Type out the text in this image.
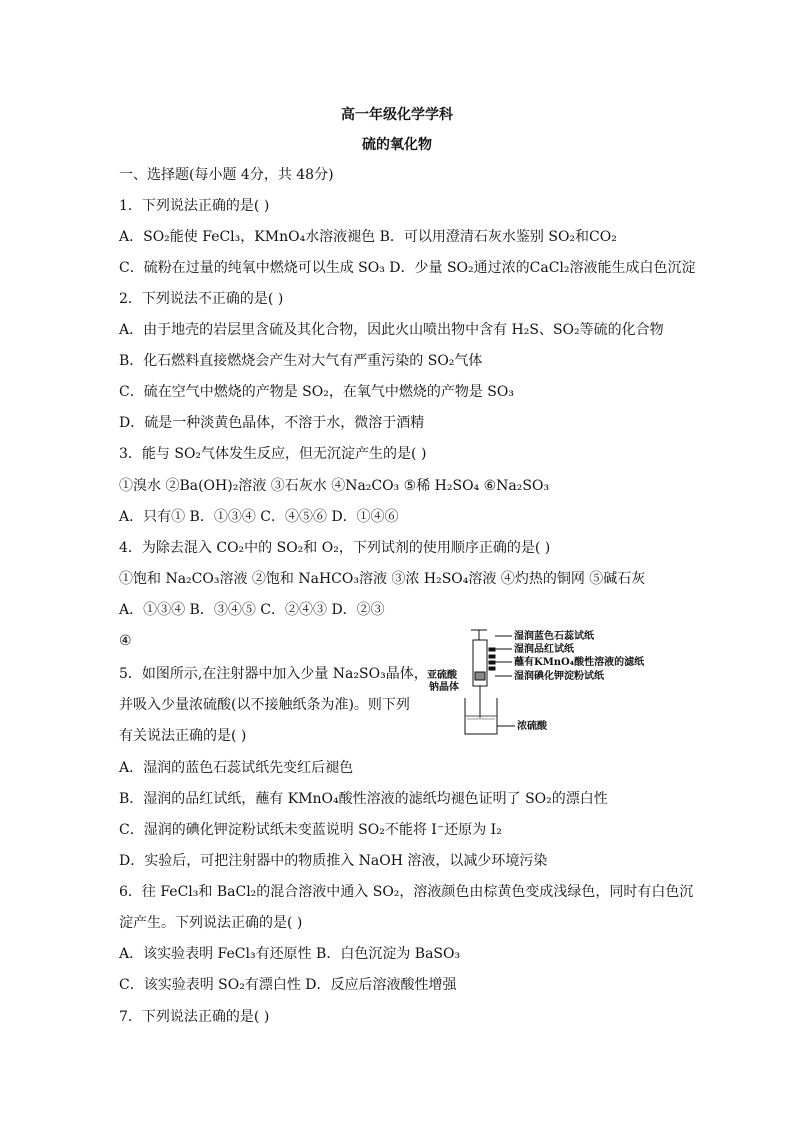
高一年级化学学科
硫的氧化物
一、选择题(每小题 4分，共 48分)
1．下列说法正确的是( )
A．SO₂能使 FeCl₃，KMnO₄水溶液褪色 B．可以用澄清石灰水鉴别 SO₂和CO₂
C．硫粉在过量的纯氧中燃烧可以生成 SO₃ D．少量 SO₂通过浓的CaCl₂溶液能生成白色沉淀
2．下列说法不正确的是( )
A．由于地壳的岩层里含硫及其化合物，因此火山喷出物中含有 H₂S、SO₂等硫的化合物
B．化石燃料直接燃烧会产生对大气有严重污染的 SO₂气体
C．硫在空气中燃烧的产物是 SO₂，在氧气中燃烧的产物是 SO₃
D．硫是一种淡黄色晶体，不溶于水，微溶于酒精
3．能与 SO₂气体发生反应，但无沉淀产生的是( )
①溴水 ②Ba(OH)₂溶液 ③石灰水 ④Na₂CO₃ ⑤稀 H₂SO₄ ⑥Na₂SO₃
A．只有① B．①③④ C．④⑤⑥ D．①④⑥
4．为除去混入 CO₂中的 SO₂和 O₂，下列试剂的使用顺序正确的是( )
①饱和 Na₂CO₃溶液 ②饱和 NaHCO₃溶液 ③浓 H₂SO₄溶液 ④灼热的铜网 ⑤碱石灰
A．①③④ B．③④⑤ C．②④③ D．②③
④
5．如图所示,在注射器中加入少量 Na₂SO₃晶体，
并吸入少量浓硫酸(以不接触纸条为准)。则下列
有关说法正确的是( )
A．湿润的蓝色石蕊试纸先变红后褪色
B．湿润的品红试纸，蘸有 KMnO₄酸性溶液的滤纸均褪色证明了 SO₂的漂白性
C．湿润的碘化钾淀粉试纸未变蓝说明 SO₂不能将 I⁻还原为 I₂
D．实验后，可把注射器中的物质推入 NaOH 溶液，以减少环境污染
6．往 FeCl₃和 BaCl₂的混合溶液中通入 SO₂，溶液颜色由棕黄色变成浅绿色，同时有白色沉
淀产生。下列说法正确的是( )
A．该实验表明 FeCl₃有还原性 B．白色沉淀为 BaSO₃
C．该实验表明 SO₂有漂白性 D．反应后溶液酸性增强
7．下列说法正确的是( )
湿润蓝色石蕊试纸
湿润品红试纸
蘸有KMnO₄酸性溶液的滤纸
湿润碘化钾淀粉试纸
亚硫酸
钠晶体
浓硫酸
